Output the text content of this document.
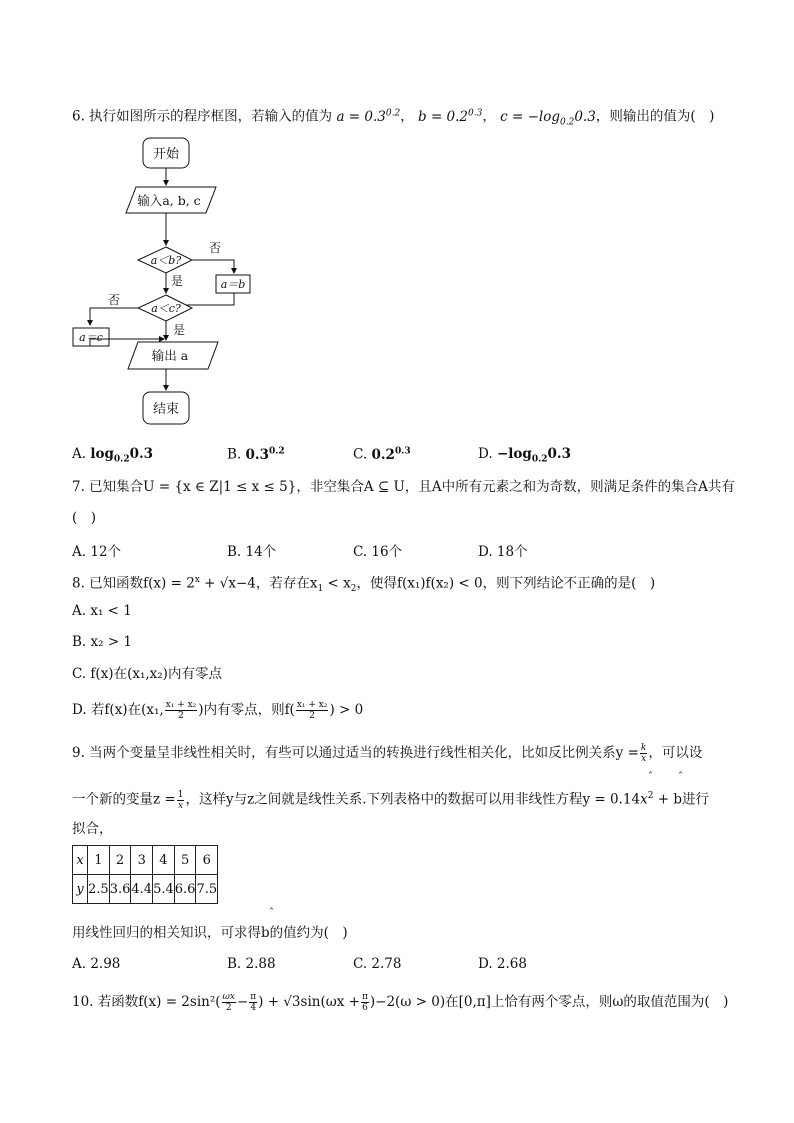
6. 执行如图所示的程序框图，若输入的值为 $a = 0.3^{0.2}$， $b = 0.2^{0.3}$， $c = -\log_{0.2}0.3$，则输出的值为(　)
开始
输入a, b, c
a＜b?
否
是	a＝b
a＜c?
否
是
a＝c
输出 a
结束
A. $\log_{0.2}0.3$	B. $0.3^{0.2}$	C. $0.2^{0.3}$	D. $-\log_{0.2}0.3$
7. 已知集合U = {x ∈ Z|1 ≤ x ≤ 5}，非空集合A ⊆ U，且A中所有元素之和为奇数，则满足条件的集合A共有
(　)
A. 12个	B. 14个	C. 16个	D. 18个
8. 已知函数$f(x) = 2^x + √x-4$，若存在$x_1 < x_2$，使得f(x₁)f(x₂) < 0，则下列结论不正确的是(　)
A. x₁ < 1
B. x₂ > 1
C. f(x)在(x₁,x₂)内有零点
D. 若f(x)在(x₁, $\frac{\text{x₁ + x₂}}{2}$ )内有零点，则$f( \frac{\text{x₁ + x₂}}{2}$ ) > 0
9. 当两个变量呈非线性相关时，有些可以通过适当的转换进行线性相关化，比如反比例关系$y = \frac{k}{x}$ ，可以设
ˆ	ˆ
一个新的变量$z = \frac{1}{x}$ ，这样y与z之间就是线性关系.下列表格中的数据可以用非线性方程$y = 0.14x^2 + b$进行
拟合，
x	1	2	3	4	5	6
y	2.5	3.6	4.4	5.4	6.6	7.5
ˆ
用线性回归的相关知识，可求得b的值约为(　)
A. 2.98	B. 2.88	C. 2.78	D. 2.68
10. 若函数$f(x) = 2\sin^2( \frac{\omega x}{2} - \frac{\pi}{4}$ ) + $√3\sin(\omega x + \frac{\pi}{6} )-2(\omega > 0)$在[0,π]上恰有两个零点，则ω的取值范围为(　)
